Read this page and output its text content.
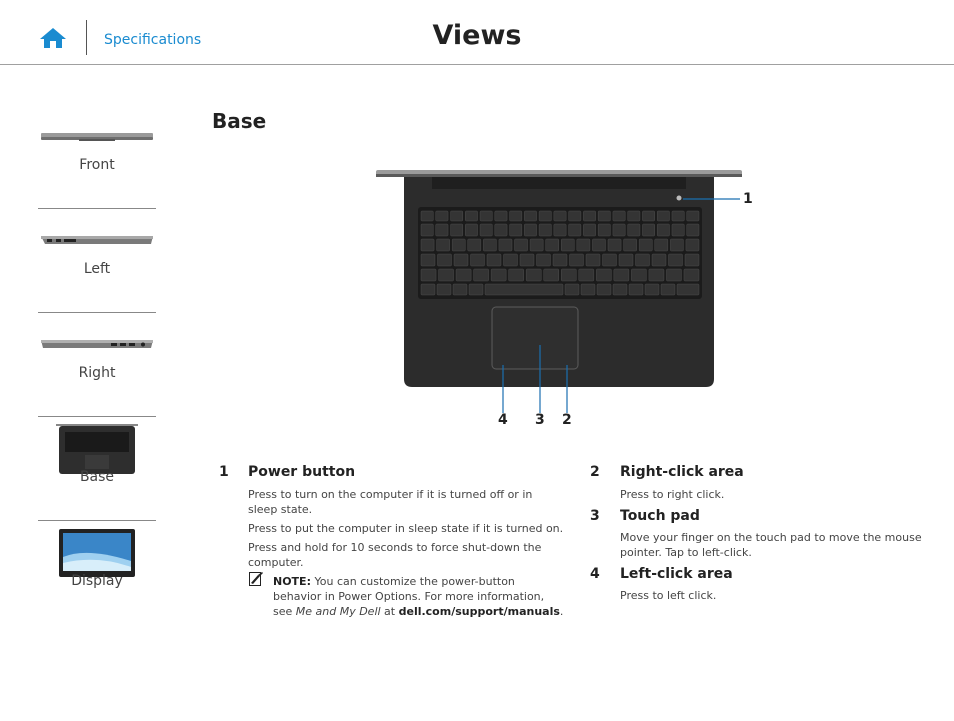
Specifications	Views
Front
Left
Right
Base
Display
Base
1
4 3 2
1 Power button
Press to turn on the computer if it is turned off or in
sleep state.
Press to put the computer in sleep state if it is turned on.
Press and hold for 10 seconds to force shut-down the
computer.
NOTE: You can customize the power-button
behavior in Power Options. For more information,
see Me and My Dell at dell.com/support/manuals.
2 Right-click area
Press to right click.
3 Touch pad
Move your finger on the touch pad to move the mouse
pointer. Tap to left-click.
4 Left-click area
Press to left click.
